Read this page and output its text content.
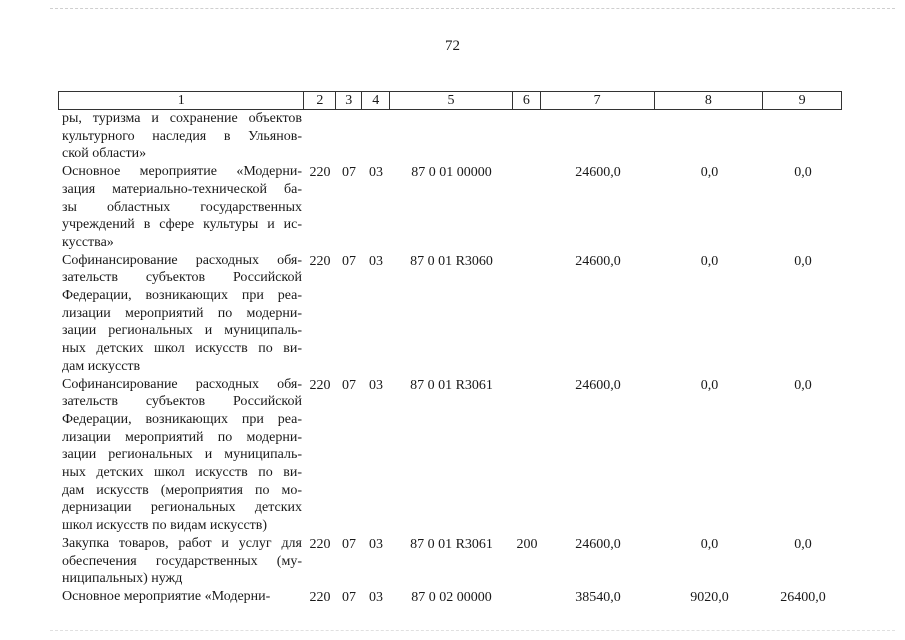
72
1	2	3	4	5	6	7	8	9
ры, туризма и сохранение объектов
культурного наследия в Ульянов-
ской области»
Основное мероприятие «Модерни-
зация материально-технической ба-
зы областных государственных
учреждений в сфере культуры и ис-
кусства»
220 07 03	87 0 01 00000	24600,0	0,0	0,0
Софинансирование расходных обя-
зательств субъектов Российской
Федерации, возникающих при реа-
лизации мероприятий по модерни-
зации региональных и муниципаль-
ных детских школ искусств по ви-
дам искусств
220 07 03	87 0 01 R3060	24600,0	0,0	0,0
Софинансирование расходных обя-
зательств субъектов Российской
Федерации, возникающих при реа-
лизации мероприятий по модерни-
зации региональных и муниципаль-
ных детских школ искусств по ви-
дам искусств (мероприятия по мо-
дернизации региональных детских
школ искусств по видам искусств)
220 07 03	87 0 01 R3061	24600,0	0,0	0,0
Закупка товаров, работ и услуг для
обеспечения государственных (му-
ниципальных) нужд
220 07 03	87 0 01 R3061	200	24600,0	0,0	0,0
Основное мероприятие «Модерни-	220 07 03	87 0 02 00000	38540,0	9020,0	26400,0
